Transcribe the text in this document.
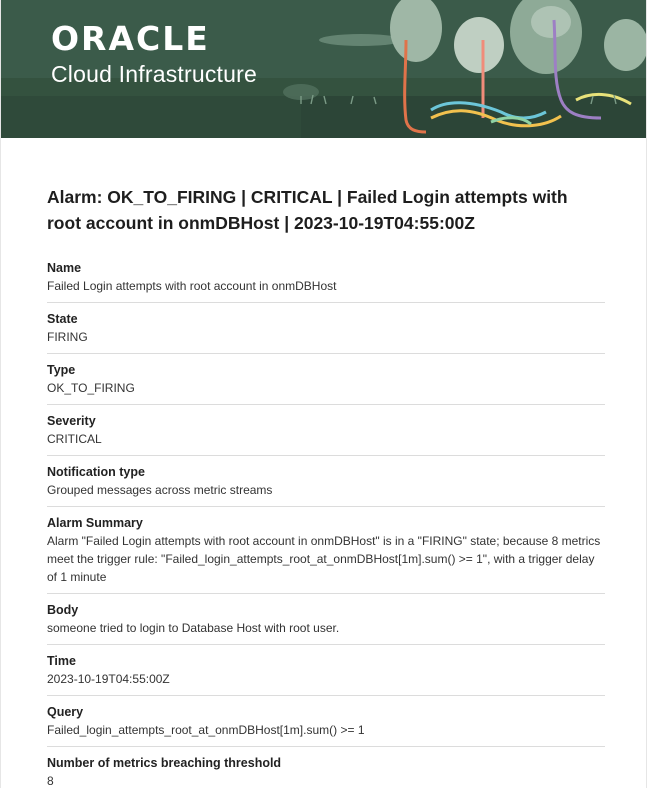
ORACLE
Cloud Infrastructure
Alarm: OK_TO_FIRING | CRITICAL | Failed Login attempts with root account in onmDBHost | 2023-10-19T04:55:00Z
Name
Failed Login attempts with root account in onmDBHost
State
FIRING
Type
OK_TO_FIRING
Severity
CRITICAL
Notification type
Grouped messages across metric streams
Alarm Summary
Alarm "Failed Login attempts with root account in onmDBHost" is in a "FIRING" state; because 8 metrics meet the trigger rule: "Failed_login_attempts_root_at_onmDBHost[1m].sum() >= 1", with a trigger delay of 1 minute
Body
someone tried to login to Database Host with root user.
Time
2023-10-19T04:55:00Z
Query
Failed_login_attempts_root_at_onmDBHost[1m].sum() >= 1
Number of metrics breaching threshold
8
